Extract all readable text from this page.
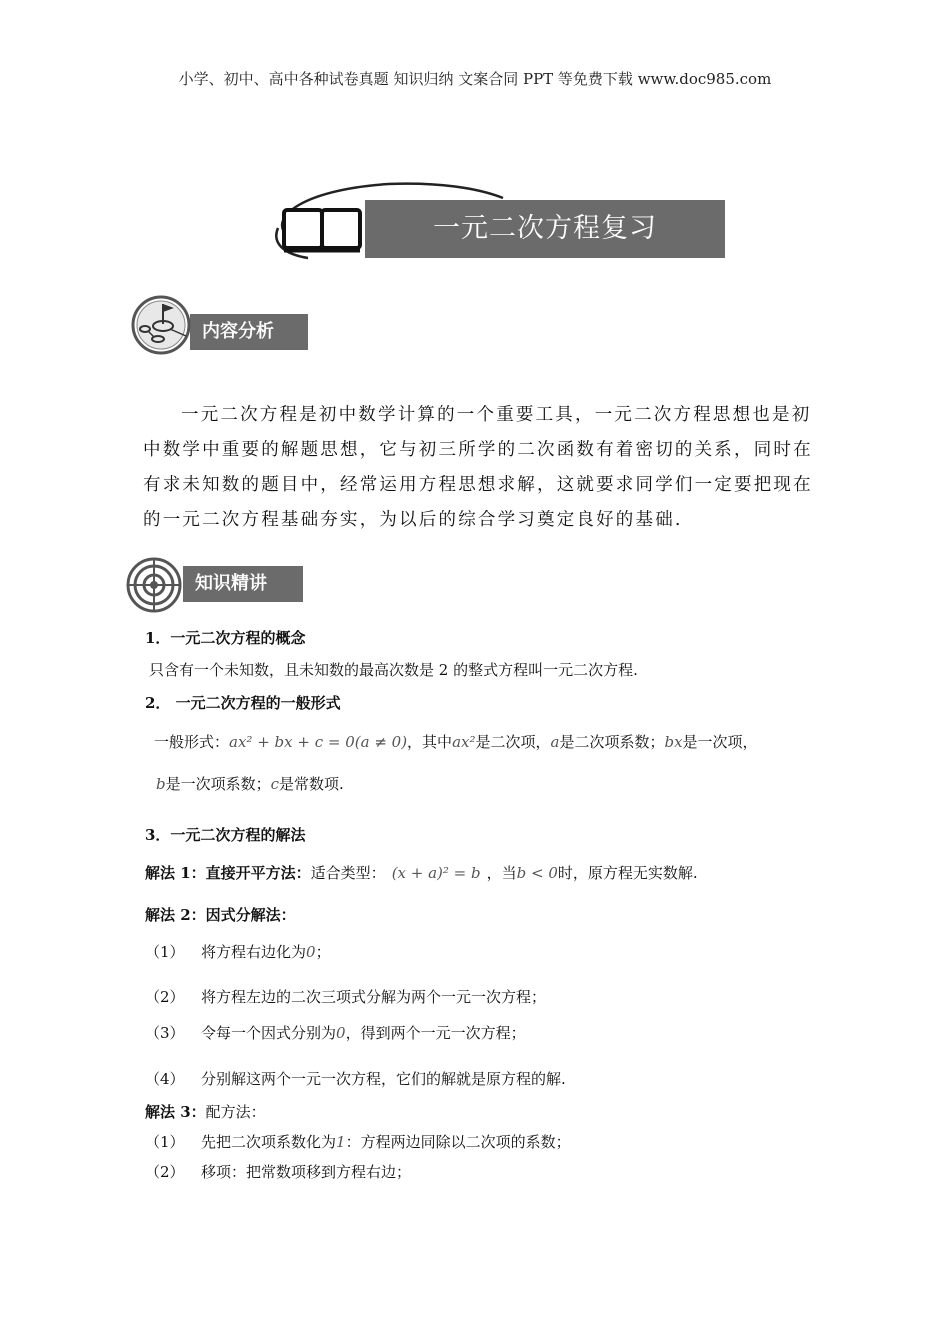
小学、初中、高中各种试卷真题 知识归纳 文案合同 PPT 等免费下载 www.doc985.com
一元二次方程复习
内容分析
一元二次方程是初中数学计算的一个重要工具，一元二次方程思想也是初中数学中重要的解题思想，它与初三所学的二次函数有着密切的关系，同时在有求未知数的题目中，经常运用方程思想求解，这就要求同学们一定要把现在的一元二次方程基础夯实，为以后的综合学习奠定良好的基础.
知识精讲
1．一元二次方程的概念
只含有一个未知数，且未知数的最高次数是 2 的整式方程叫一元二次方程.
2． 一元二次方程的一般形式
一般形式：ax² + bx + c = 0(a ≠ 0)，其中ax²是二次项，a是二次项系数；bx是一次项，
b是一次项系数；c是常数项.
3．一元二次方程的解法
解法 1：直接开平方法：适合类型： (x + a)² = b ，当b < 0时，原方程无实数解.
解法 2：因式分解法：
（1） 将方程右边化为0；
（2） 将方程左边的二次三项式分解为两个一元一次方程；
（3） 令每一个因式分别为0，得到两个一元一次方程；
（4） 分别解这两个一元一次方程，它们的解就是原方程的解.
解法 3：配方法：
（1） 先把二次项系数化为1：方程两边同除以二次项的系数；
（2） 移项：把常数项移到方程右边；
